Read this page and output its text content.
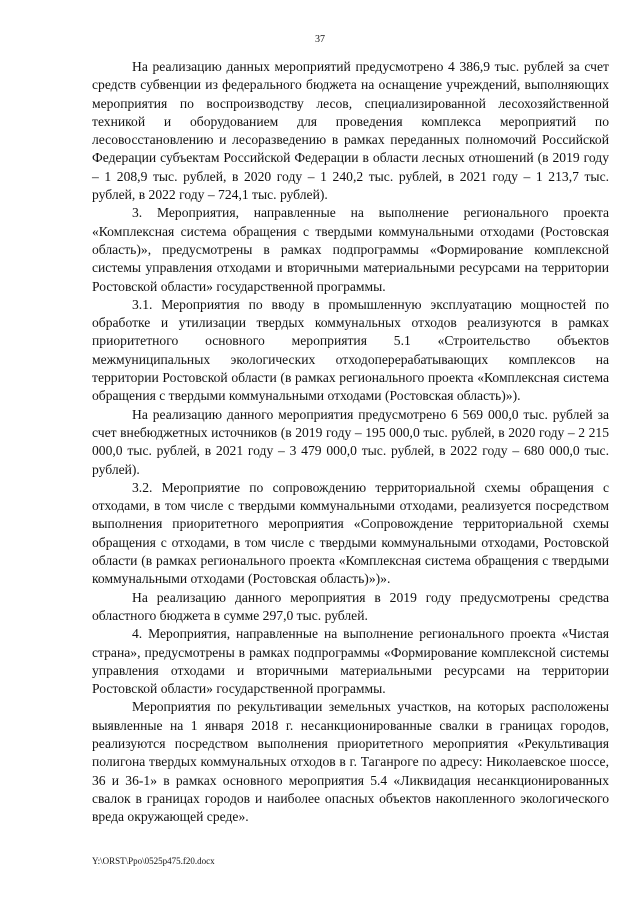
37

На реализацию данных мероприятий предусмотрено 4 386,9 тыс. рублей за счет средств субвенции из федерального бюджета на оснащение учреждений, выполняющих мероприятия по воспроизводству лесов, специализированной лесохозяйственной техникой и оборудованием для проведения комплекса мероприятий по лесовосстановлению и лесоразведению в рамках переданных полномочий Российской Федерации субъектам Российской Федерации в области лесных отношений (в 2019 году – 1 208,9 тыс. рублей, в 2020 году – 1 240,2 тыс. рублей, в 2021 году – 1 213,7 тыс. рублей, в 2022 году – 724,1 тыс. рублей).

3. Мероприятия, направленные на выполнение регионального проекта «Комплексная система обращения с твердыми коммунальными отходами (Ростовская область)», предусмотрены в рамках подпрограммы «Формирование комплексной системы управления отходами и вторичными материальными ресурсами на территории Ростовской области» государственной программы.

3.1. Мероприятия по вводу в промышленную эксплуатацию мощностей по обработке и утилизации твердых коммунальных отходов реализуются в рамках приоритетного основного мероприятия 5.1 «Строительство объектов межмуниципальных экологических отходоперерабатывающих комплексов на территории Ростовской области (в рамках регионального проекта «Комплексная система обращения с твердыми коммунальными отходами (Ростовская область)»).

На реализацию данного мероприятия предусмотрено 6 569 000,0 тыс. рублей за счет внебюджетных источников (в 2019 году – 195 000,0 тыс. рублей, в 2020 году – 2 215 000,0 тыс. рублей, в 2021 году – 3 479 000,0 тыс. рублей, в 2022 году – 680 000,0 тыс. рублей).

3.2. Мероприятие по сопровождению территориальной схемы обращения с отходами, в том числе с твердыми коммунальными отходами, реализуется посредством выполнения приоритетного мероприятия «Сопровождение территориальной схемы обращения с отходами, в том числе с твердыми коммунальными отходами, Ростовской области (в рамках регионального проекта «Комплексная система обращения с твердыми коммунальными отходами (Ростовская область)»)».

На реализацию данного мероприятия в 2019 году предусмотрены средства областного бюджета в сумме 297,0 тыс. рублей.

4. Мероприятия, направленные на выполнение регионального проекта «Чистая страна», предусмотрены в рамках подпрограммы «Формирование комплексной системы управления отходами и вторичными материальными ресурсами на территории Ростовской области» государственной программы.

Мероприятия по рекультивации земельных участков, на которых расположены выявленные на 1 января 2018 г. несанкционированные свалки в границах городов, реализуются посредством выполнения приоритетного мероприятия «Рекультивация полигона твердых коммунальных отходов в г. Таганроге по адресу: Николаевское шоссе, 36 и 36-1» в рамках основного мероприятия 5.4 «Ликвидация несанкционированных свалок в границах городов и наиболее опасных объектов накопленного экологического вреда окружающей среде».

Y:\ORST\Ppo\0525p475.f20.docx
